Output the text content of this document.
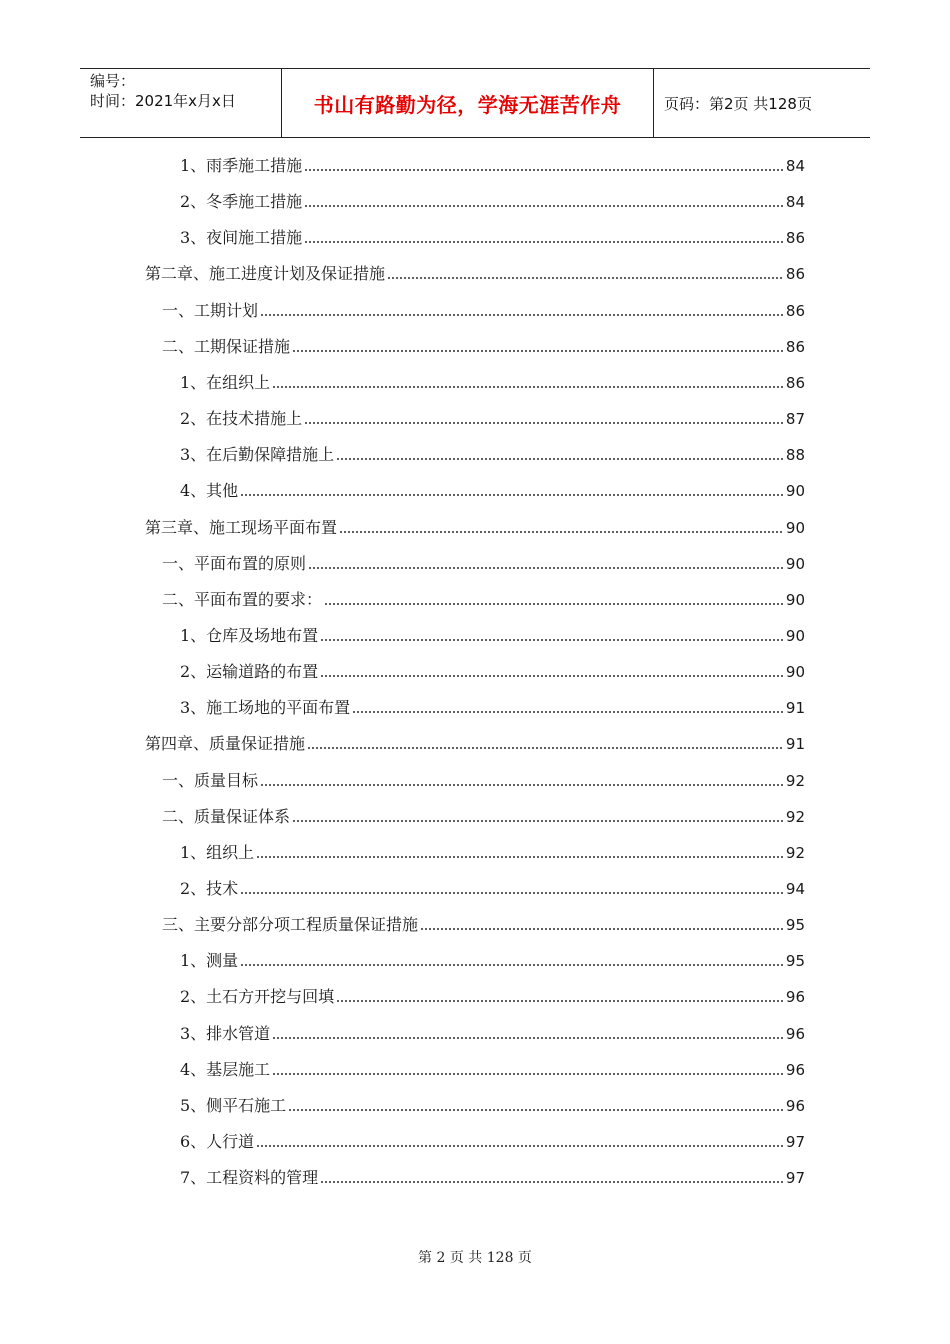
编号：
时间：2021年x月x日	书山有路勤为径，学海无涯苦作舟	页码：第2页 共128页
1、雨季施工措施	84
2、冬季施工措施	84
3、夜间施工措施	86
第二章、施工进度计划及保证措施	86
一、工期计划	86
二、工期保证措施	86
1、在组织上	86
2、在技术措施上	87
3、在后勤保障措施上	88
4、其他	90
第三章、施工现场平面布置	90
一、平面布置的原则	90
二、平面布置的要求：	90
1、仓库及场地布置	90
2、运输道路的布置	90
3、施工场地的平面布置	91
第四章、质量保证措施	91
一、质量目标	92
二、质量保证体系	92
1、组织上	92
2、技术	94
三、主要分部分项工程质量保证措施	95
1、测量	95
2、土石方开挖与回填	96
3、排水管道	96
4、基层施工	96
5、侧平石施工	96
6、人行道	97
7、工程资料的管理	97
第 2 页 共 128 页
